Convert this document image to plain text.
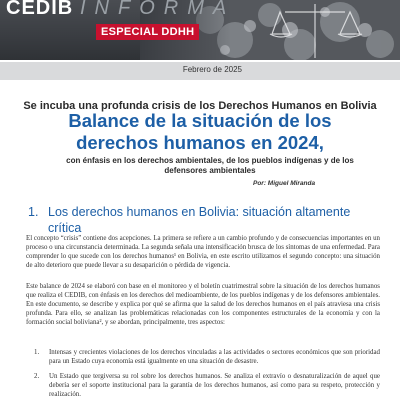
CEDIB INFORMA
ESPECIAL DDHH
Febrero de 2025
Se incuba una profunda crisis de los Derechos Humanos en Bolivia
Balance de la situación de los
derechos humanos en 2024,
con énfasis en los derechos ambientales, de los pueblos indígenas y de los defensores ambientales
Por: Miguel Miranda
1. Los derechos humanos en Bolivia: situación altamente crítica
El concepto “crisis” contiene dos acepciones. La primera se refiere a un cambio profundo y de consecuencias importantes en un proceso o una circunstancia determinada. La segunda señala una intensificación brusca de los síntomas de una enfermedad. Para comprender lo que sucede con los derechos humanos¹ en Bolivia, en este escrito utilizamos el segundo concepto: una situación de alto deterioro que puede llevar a su desaparición o pérdida de vigencia.
Este balance de 2024 se elaboró con base en el monitoreo y el boletín cuatrimestral sobre la situación de los derechos humanos que realiza el CEDIB, con énfasis en los derechos del medioambiente, de los pueblos indígenas y de los defensores ambientales. En este documento, se describe y explica por qué se afirma que la salud de los derechos humanos en el país atraviesa una crisis profunda. Para ello, se analizan las problemáticas relacionadas con los componentes estructurales de la economía y con la formación social boliviana², y se abordan, principalmente, tres aspectos:
1. Intensas y crecientes violaciones de los derechos vinculadas a las actividades o sectores económicos que son prioridad para un Estado cuya economía está igualmente en una situación de desastre.
2. Un Estado que tergiversa su rol sobre los derechos humanos. Se analiza el extravío o desnaturalización de aquel que debería ser el soporte institucional para la garantía de los derechos humanos, así como para su respeto, protección y realización.
